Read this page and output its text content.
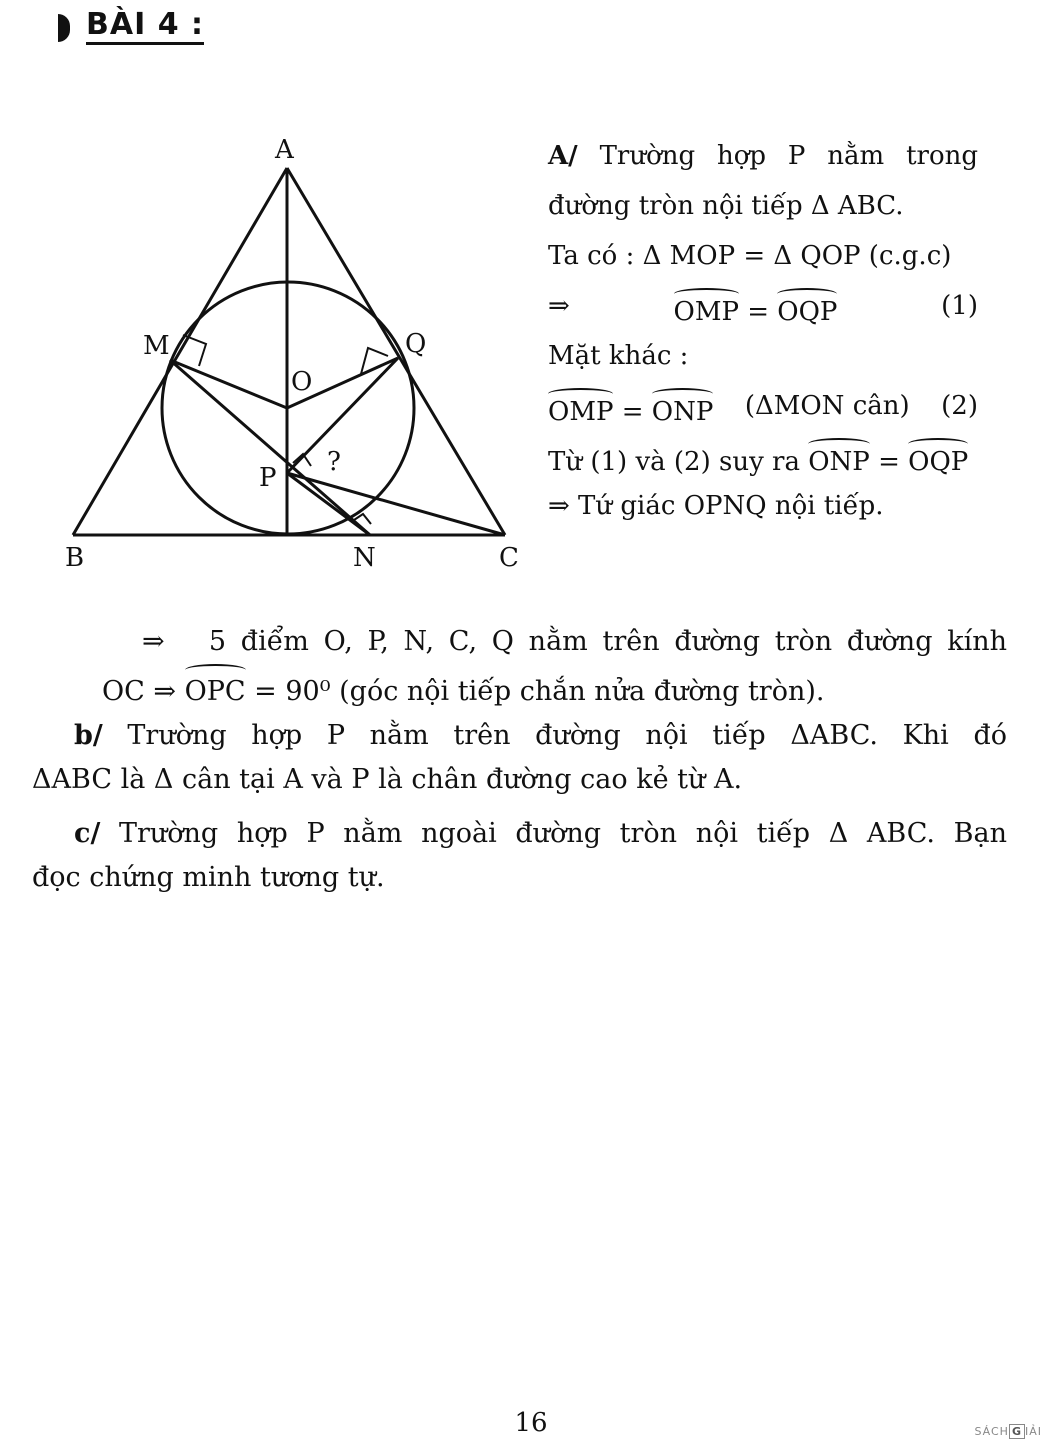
BÀI 4 :
A
B	C
M	Q
O
P
N
?
A/ Trường hợp P nằm trong
đường tròn nội tiếp Δ ABC.
Ta có : Δ MOP = Δ QOP (c.g.c)
⇒	OMP = OQP	(1)
Mặt khác :
OMP = ONP (ΔMON cân) (2)
Từ (1) và (2) suy ra ONP = OQP
⇒ Tứ giác OPNQ nội tiếp.
⇒ 5 điểm O, P, N, C, Q nằm trên đường tròn đường kính
OC ⇒ OPC = 90⁰ (góc nội tiếp chắn nửa đường tròn).
b/ Trường hợp P nằm trên đường nội tiếp ΔABC. Khi đó
ΔABC là Δ cân tại A và P là chân đường cao kẻ từ A.
c/ Trường hợp P nằm ngoài đường tròn nội tiếp Δ ABC. Bạn
đọc chứng minh tương tự.
16	SÁCH G IẢI
